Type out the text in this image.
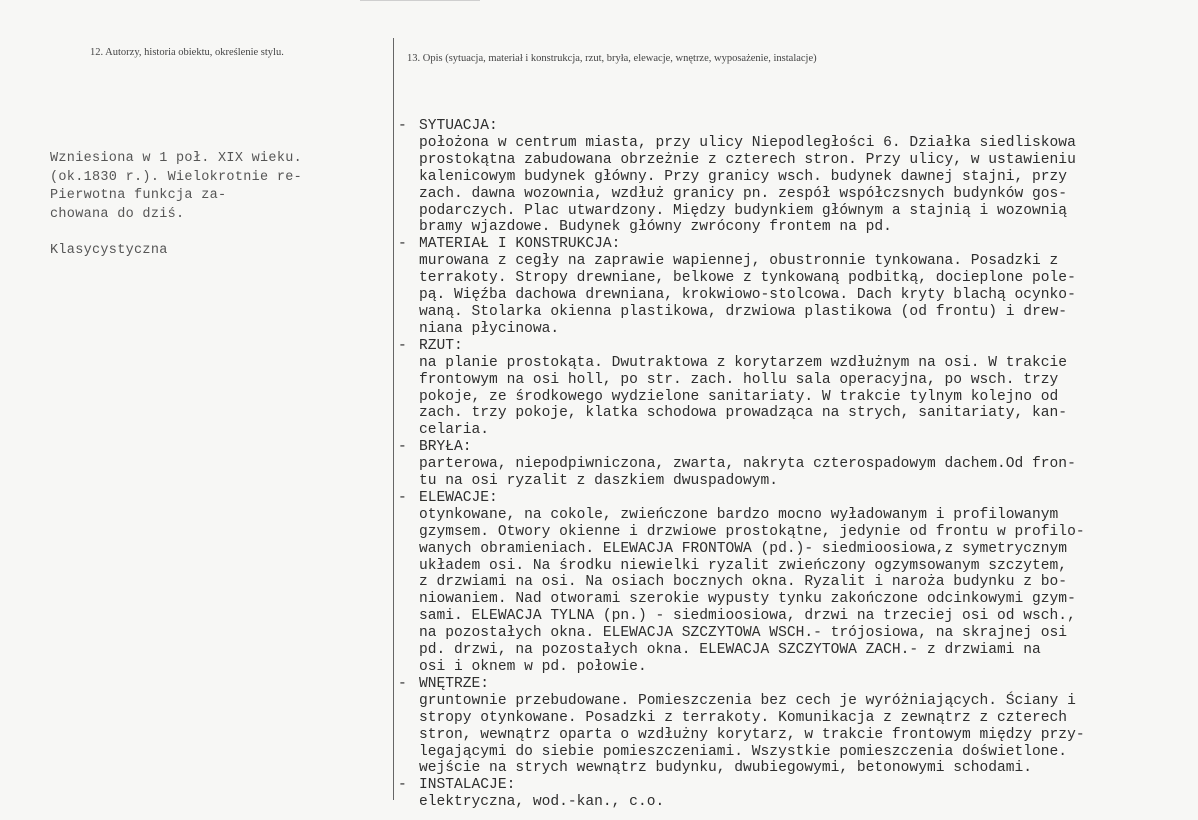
12. Autorzy, historia obiektu, określenie stylu.
13. Opis (sytuacja, materiał i konstrukcja, rzut, bryła, elewacje, wnętrze, wyposażenie, instalacje)
Wzniesiona w 1 poł. XIX wieku.
(ok.1830 r.). Wielokrotnie re-
Pierwotna funkcja za-
chowana do dziś.
Klasycystyczna
- SYTUACJA:
położona w centrum miasta, przy ulicy Niepodległości 6. Działka siedliskowa
prostokątna zabudowana obrzeżnie z czterech stron. Przy ulicy, w ustawieniu
kalenicowym budynek główny. Przy granicy wsch. budynek dawnej stajni, przy
zach. dawna wozownia, wzdłuż granicy pn. zespół współczsnych budynków gos-
podarczych. Plac utwardzony. Między budynkiem głównym a stajnią i wozownią
bramy wjazdowe. Budynek główny zwrócony frontem na pd.
- MATERIAŁ I KONSTRUKCJA:
murowana z cegły na zaprawie wapiennej, obustronnie tynkowana. Posadzki z
terrakoty. Stropy drewniane, belkowe z tynkowaną podbitką, docieplone pole-
pą. Więźba dachowa drewniana, krokwiowo-stolcowa. Dach kryty blachą ocynko-
waną. Stolarka okienna plastikowa, drzwiowa plastikowa (od frontu) i drew-
niana płycinowa.
- RZUT:
na planie prostokąta. Dwutraktowa z korytarzem wzdłużnym na osi. W trakcie
frontowym na osi holl, po str. zach. hollu sala operacyjna, po wsch. trzy
pokoje, ze środkowego wydzielone sanitariaty. W trakcie tylnym kolejno od
zach. trzy pokoje, klatka schodowa prowadząca na strych, sanitariaty, kan-
celaria.
- BRYŁA:
parterowa, niepodpiwniczona, zwarta, nakryta czterospadowym dachem.Od fron-
tu na osi ryzalit z daszkiem dwuspadowym.
- ELEWACJE:
otynkowane, na cokole, zwieńczone bardzo mocno wyładowanym i profilowanym
gzymsem. Otwory okienne i drzwiowe prostokątne, jedynie od frontu w profilo-
wanych obramieniach. ELEWACJA FRONTOWA (pd.)- siedmioosiowa,z symetrycznym
układem osi. Na środku niewielki ryzalit zwieńczony ogzymsowanym szczytem,
z drzwiami na osi. Na osiach bocznych okna. Ryzalit i naroża budynku z bo-
niowaniem. Nad otworami szerokie wypusty tynku zakończone odcinkowymi gzym-
sami. ELEWACJA TYLNA (pn.) - siedmioosiowa, drzwi na trzeciej osi od wsch.,
na pozostałych okna. ELEWACJA SZCZYTOWA WSCH.- trójosiowa, na skrajnej osi
pd. drzwi, na pozostałych okna. ELEWACJA SZCZYTOWA ZACH.- z drzwiami na
osi i oknem w pd. połowie.
- WNĘTRZE:
gruntownie przebudowane. Pomieszczenia bez cech je wyróżniających. Ściany i
stropy otynkowane. Posadzki z terrakoty. Komunikacja z zewnątrz z czterech
stron, wewnątrz oparta o wzdłużny korytarz, w trakcie frontowym między przy-
legającymi do siebie pomieszczeniami. Wszystkie pomieszczenia doświetlone.
wejście na strych wewnątrz budynku, dwubiegowymi, betonowymi schodami.
- INSTALACJE:
elektryczna, wod.-kan., c.o.
